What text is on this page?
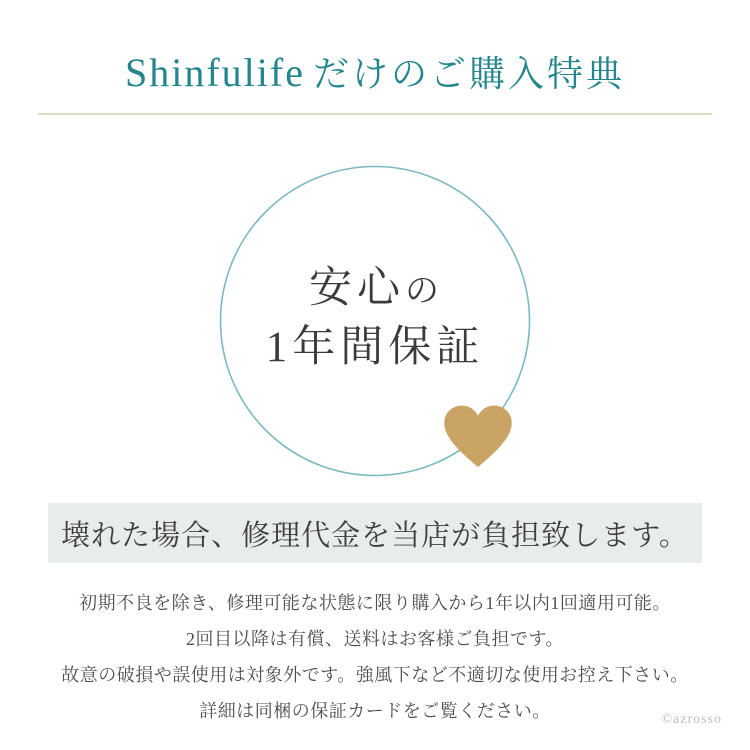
Shinfulife だけのご購入特典
安心の
1年間保証
壊れた場合、修理代金を当店が負担致します。
初期不良を除き、修理可能な状態に限り購入から1年以内1回適用可能。
2回目以降は有償、送料はお客様ご負担です。
故意の破損や誤使用は対象外です。強風下など不適切な使用お控え下さい。
詳細は同梱の保証カードをご覧ください。	©azrosso
